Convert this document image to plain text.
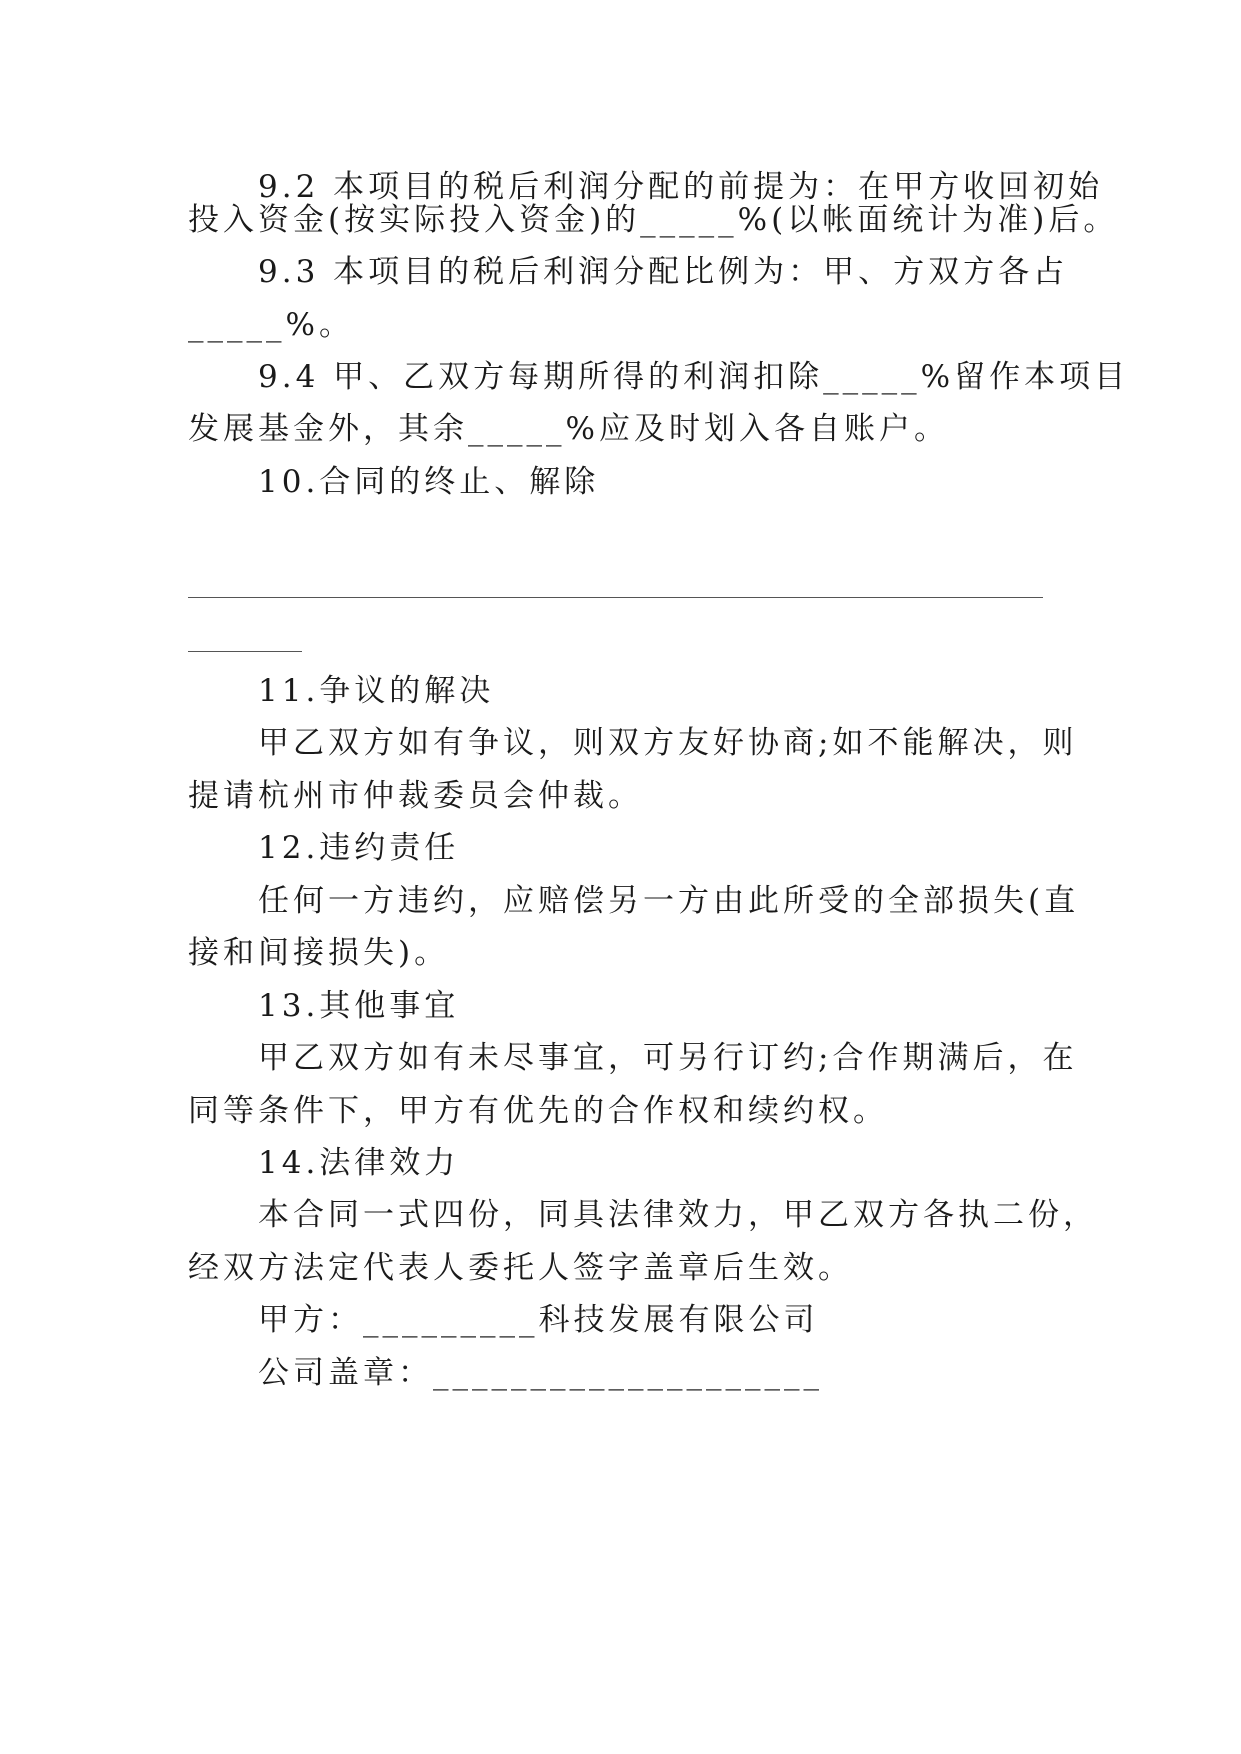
9.2 本项目的税后利润分配的前提为：在甲方收回初始
投入资金(按实际投入资金)的_____%(以帐面统计为准)后。
9.3 本项目的税后利润分配比例为：甲、方双方各占
_____%。
9.4 甲、乙双方每期所得的利润扣除_____%留作本项目
发展基金外，其余_____%应及时划入各自账户。
10.合同的终止、解除
11.争议的解决
甲乙双方如有争议，则双方友好协商;如不能解决，则
提请杭州市仲裁委员会仲裁。
12.违约责任
任何一方违约，应赔偿另一方由此所受的全部损失(直
接和间接损失)。
13.其他事宜
甲乙双方如有未尽事宜，可另行订约;合作期满后，在
同等条件下，甲方有优先的合作权和续约权。
14.法律效力
本合同一式四份，同具法律效力，甲乙双方各执二份，
经双方法定代表人委托人签字盖章后生效。
甲方：_________科技发展有限公司
公司盖章：____________________
